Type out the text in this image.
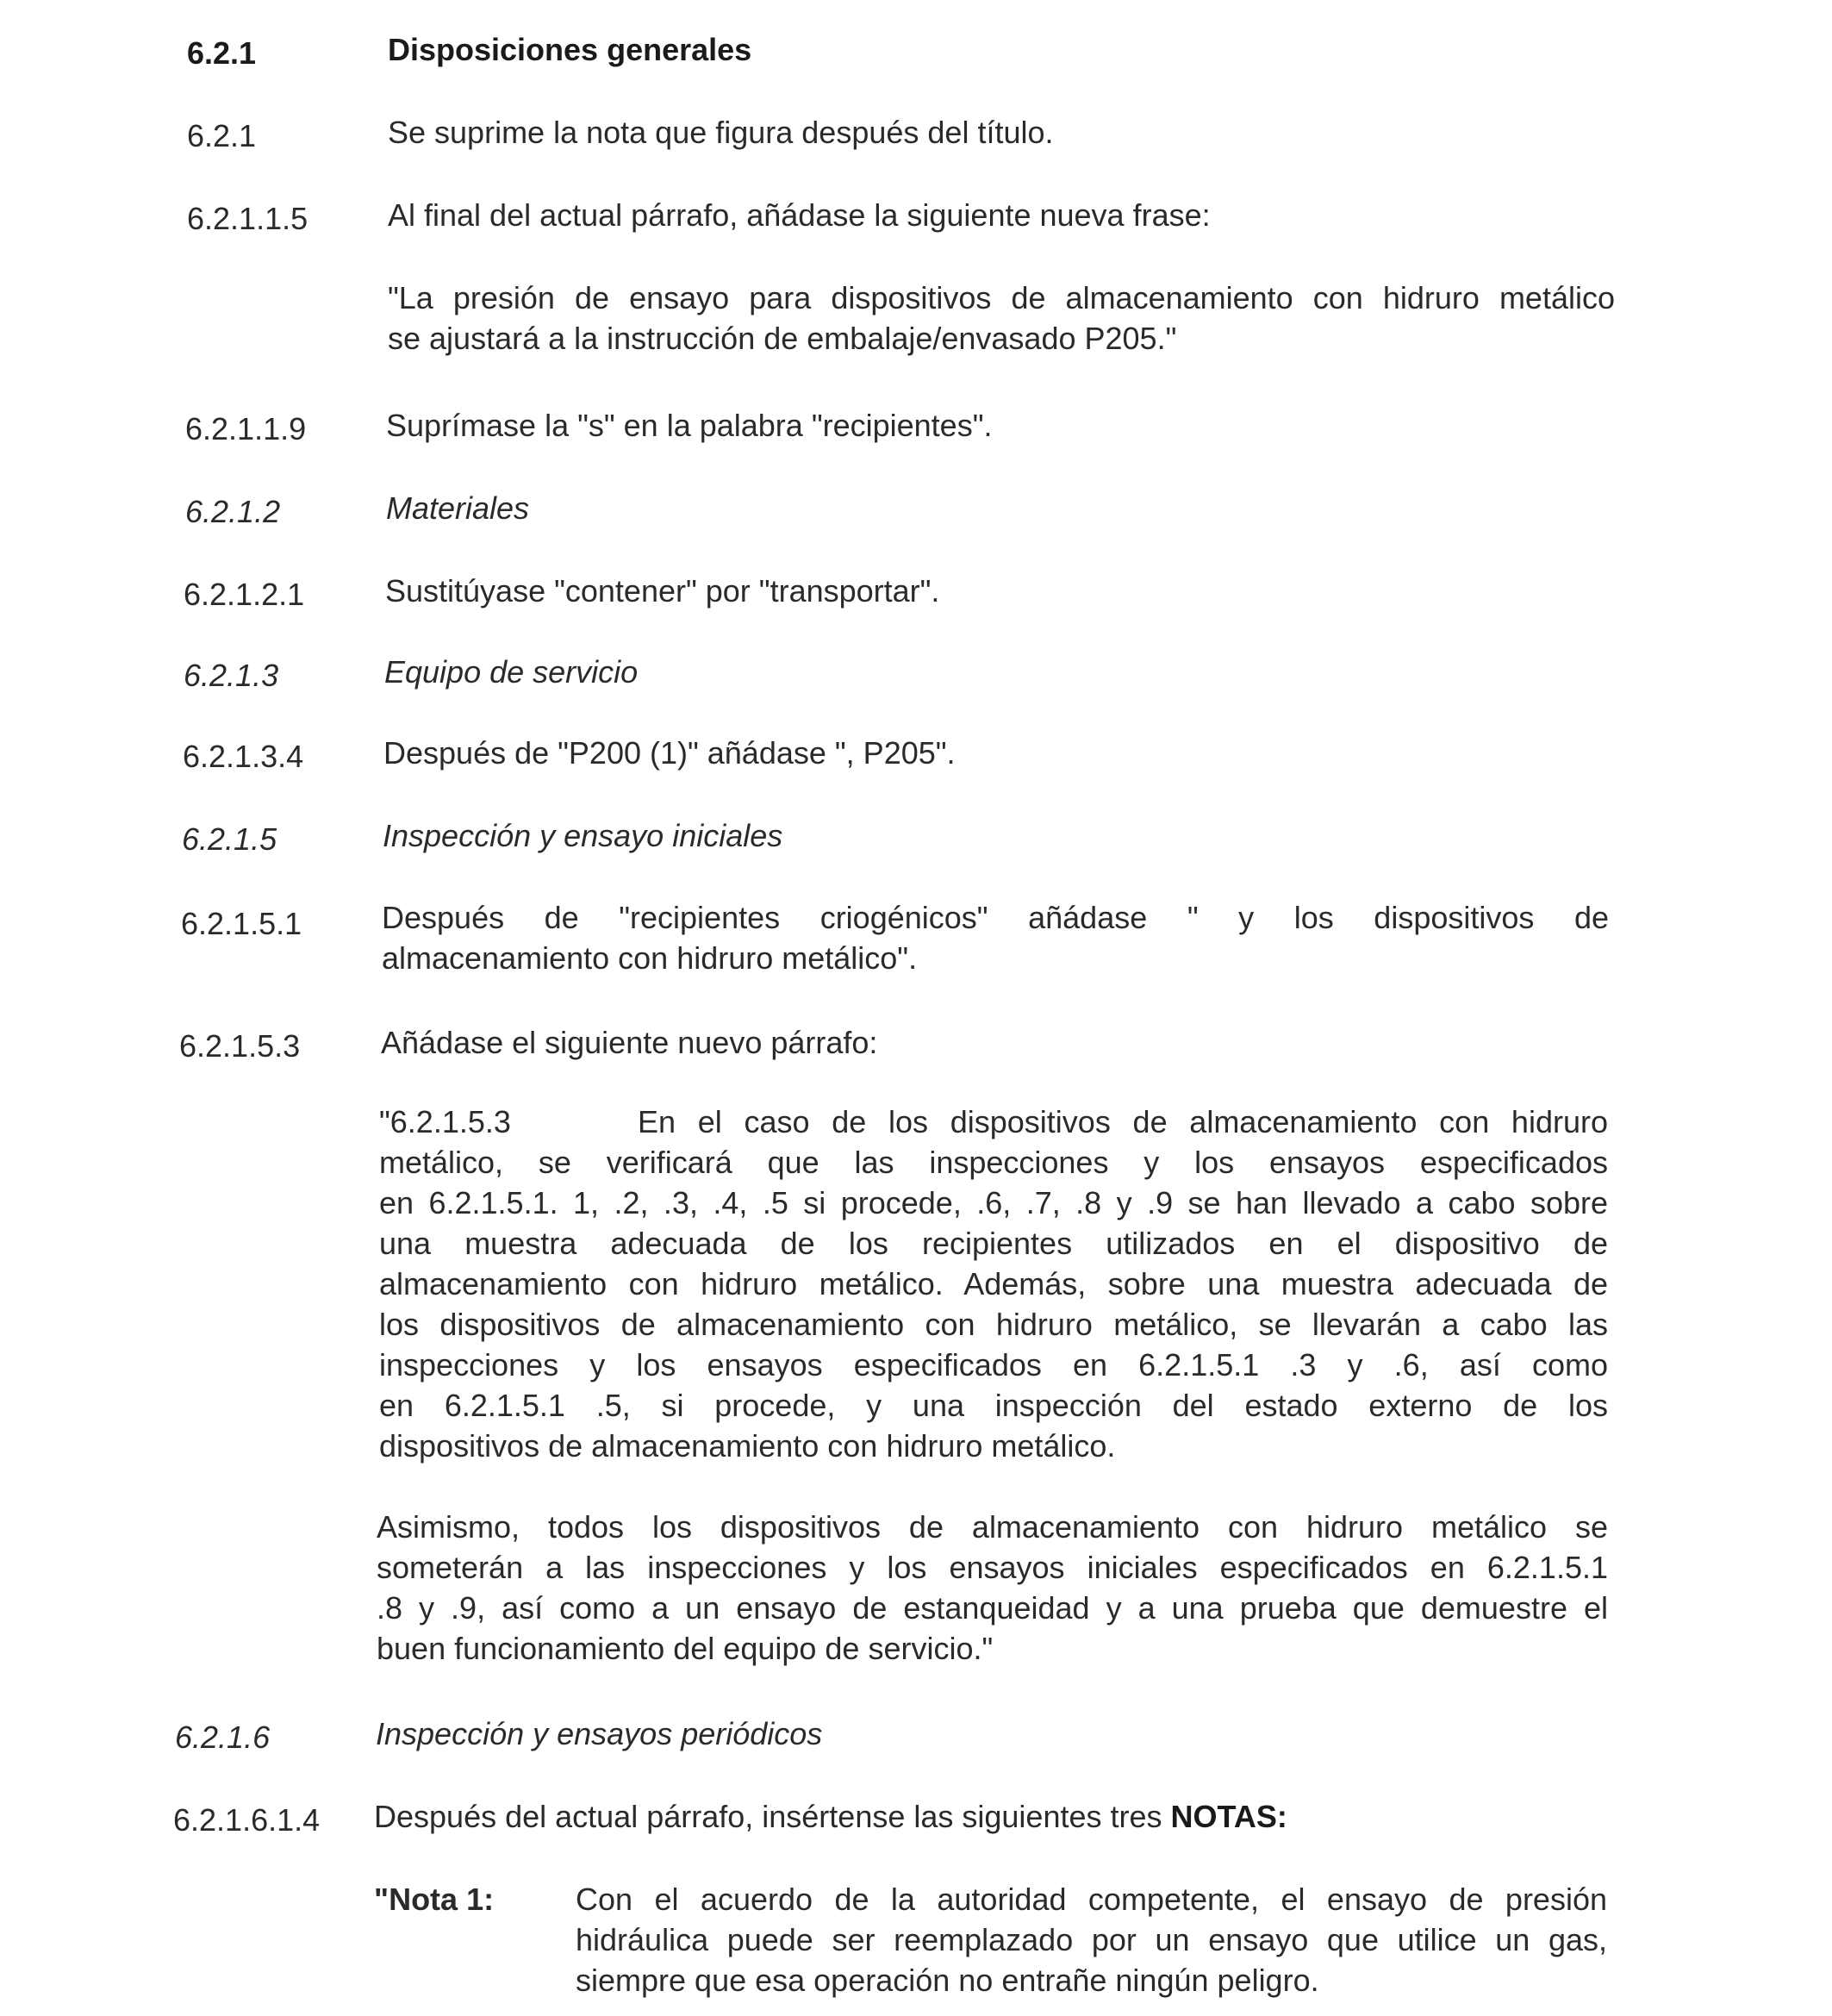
6.2.1	Disposiciones generales
6.2.1	Se suprime la nota que figura después del título.
6.2.1.1.5	Al final del actual párrafo, añádase la siguiente nueva frase:
"La presión de ensayo para dispositivos de almacenamiento con hidruro metálico
se ajustará a la instrucción de embalaje/envasado P205."
6.2.1.1.9	Suprímase la "s" en la palabra "recipientes".
6.2.1.2	Materiales
6.2.1.2.1	Sustitúyase "contener" por "transportar".
6.2.1.3	Equipo de servicio
6.2.1.3.4	Después de "P200 (1)" añádase ", P205".
6.2.1.5	Inspección y ensayo iniciales
6.2.1.5.1	Después de "recipientes criogénicos" añádase " y los dispositivos de
almacenamiento con hidruro metálico".
6.2.1.5.3	Añádase el siguiente nuevo párrafo:
"6.2.1.5.3	En el caso de los dispositivos de almacenamiento con hidruro
metálico, se verificará que las inspecciones y los ensayos especificados
en 6.2.1.5.1. 1, .2, .3, .4, .5 si procede, .6, .7, .8 y .9 se han llevado a cabo sobre
una muestra adecuada de los recipientes utilizados en el dispositivo de
almacenamiento con hidruro metálico. Además, sobre una muestra adecuada de
los dispositivos de almacenamiento con hidruro metálico, se llevarán a cabo las
inspecciones y los ensayos especificados en 6.2.1.5.1 .3 y .6, así como
en 6.2.1.5.1 .5, si procede, y una inspección del estado externo de los
dispositivos de almacenamiento con hidruro metálico.
Asimismo, todos los dispositivos de almacenamiento con hidruro metálico se
someterán a las inspecciones y los ensayos iniciales especificados en 6.2.1.5.1
.8 y .9, así como a un ensayo de estanqueidad y a una prueba que demuestre el
buen funcionamiento del equipo de servicio."
6.2.1.6	Inspección y ensayos periódicos
6.2.1.6.1.4 Después del actual párrafo, insértense las siguientes tres NOTAS:
"Nota 1:	Con el acuerdo de la autoridad competente, el ensayo de presión
hidráulica puede ser reemplazado por un ensayo que utilice un gas,
siempre que esa operación no entrañe ningún peligro.
